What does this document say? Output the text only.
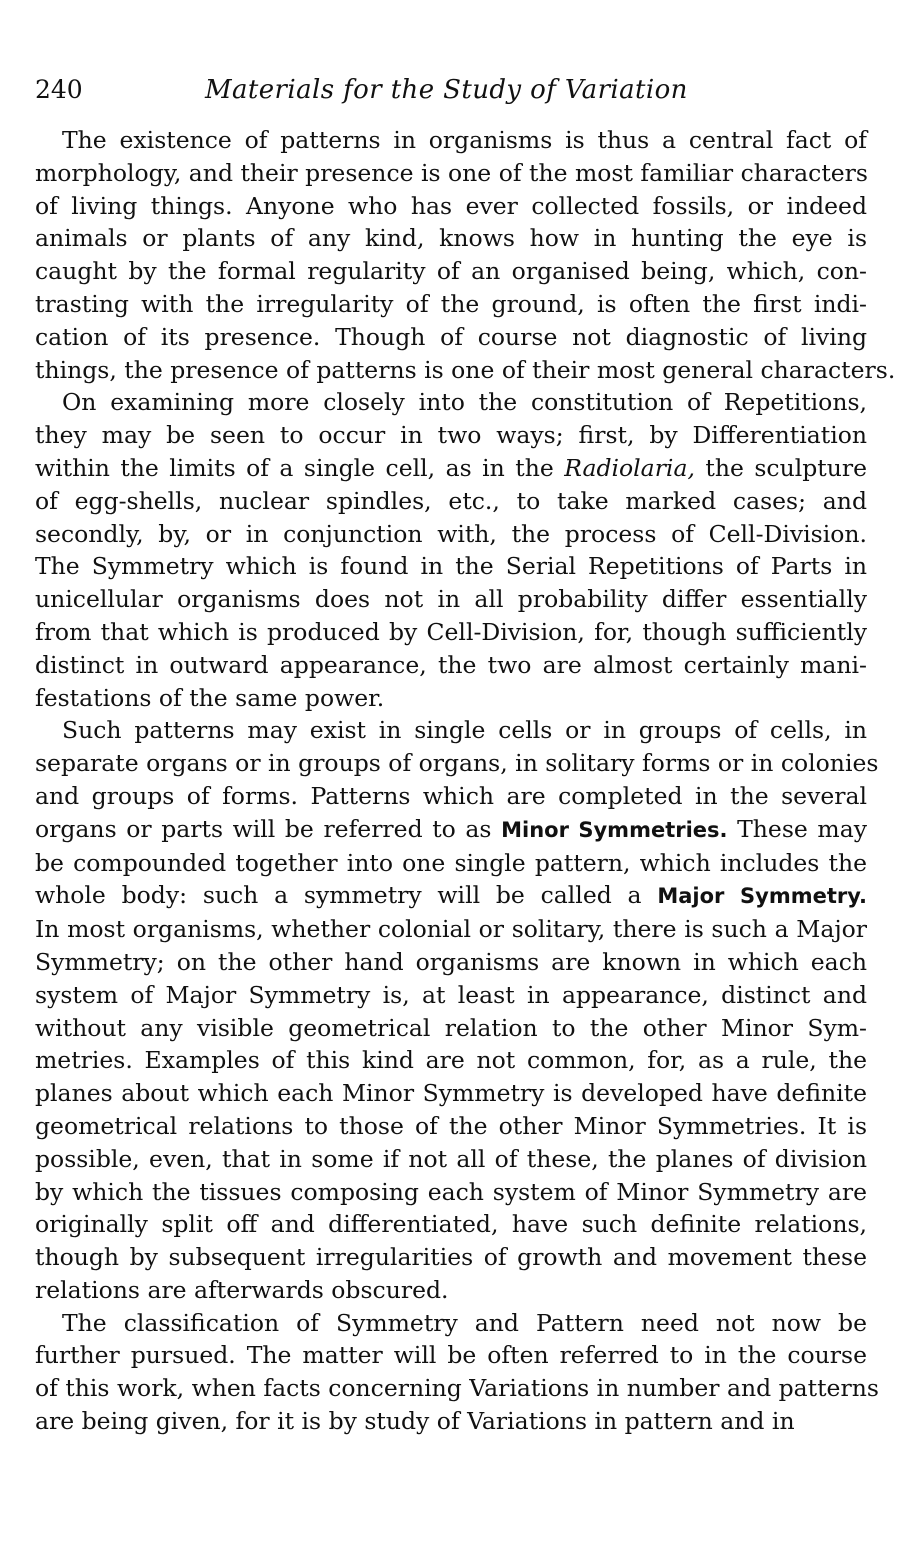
240	Materials for the Study of Variation
The existence of patterns in organisms is thus a central fact of
morphology, and their presence is one of the most familiar characters
of living things. Anyone who has ever collected fossils, or indeed
animals or plants of any kind, knows how in hunting the eye is
caught by the formal regularity of an organised being, which, con-
trasting with the irregularity of the ground, is often the first indi-
cation of its presence. Though of course not diagnostic of living
things, the presence of patterns is one of their most general characters.
On examining more closely into the constitution of Repetitions,
they may be seen to occur in two ways; first, by Differentiation
within the limits of a single cell, as in the Radiolaria, the sculpture
of egg-shells, nuclear spindles, etc., to take marked cases; and
secondly, by, or in conjunction with, the process of Cell-Division.
The Symmetry which is found in the Serial Repetitions of Parts in
unicellular organisms does not in all probability differ essentially
from that which is produced by Cell-Division, for, though sufficiently
distinct in outward appearance, the two are almost certainly mani-
festations of the same power.
Such patterns may exist in single cells or in groups of cells, in
separate organs or in groups of organs, in solitary forms or in colonies
and groups of forms. Patterns which are completed in the several
organs or parts will be referred to as Minor Symmetries. These may
be compounded together into one single pattern, which includes the
whole body: such a symmetry will be called a Major Symmetry.
In most organisms, whether colonial or solitary, there is such a Major
Symmetry; on the other hand organisms are known in which each
system of Major Symmetry is, at least in appearance, distinct and
without any visible geometrical relation to the other Minor Sym-
metries. Examples of this kind are not common, for, as a rule, the
planes about which each Minor Symmetry is developed have definite
geometrical relations to those of the other Minor Symmetries. It is
possible, even, that in some if not all of these, the planes of division
by which the tissues composing each system of Minor Symmetry are
originally split off and differentiated, have such definite relations,
though by subsequent irregularities of growth and movement these
relations are afterwards obscured.
The classification of Symmetry and Pattern need not now be
further pursued. The matter will be often referred to in the course
of this work, when facts concerning Variations in number and patterns
are being given, for it is by study of Variations in pattern and in
